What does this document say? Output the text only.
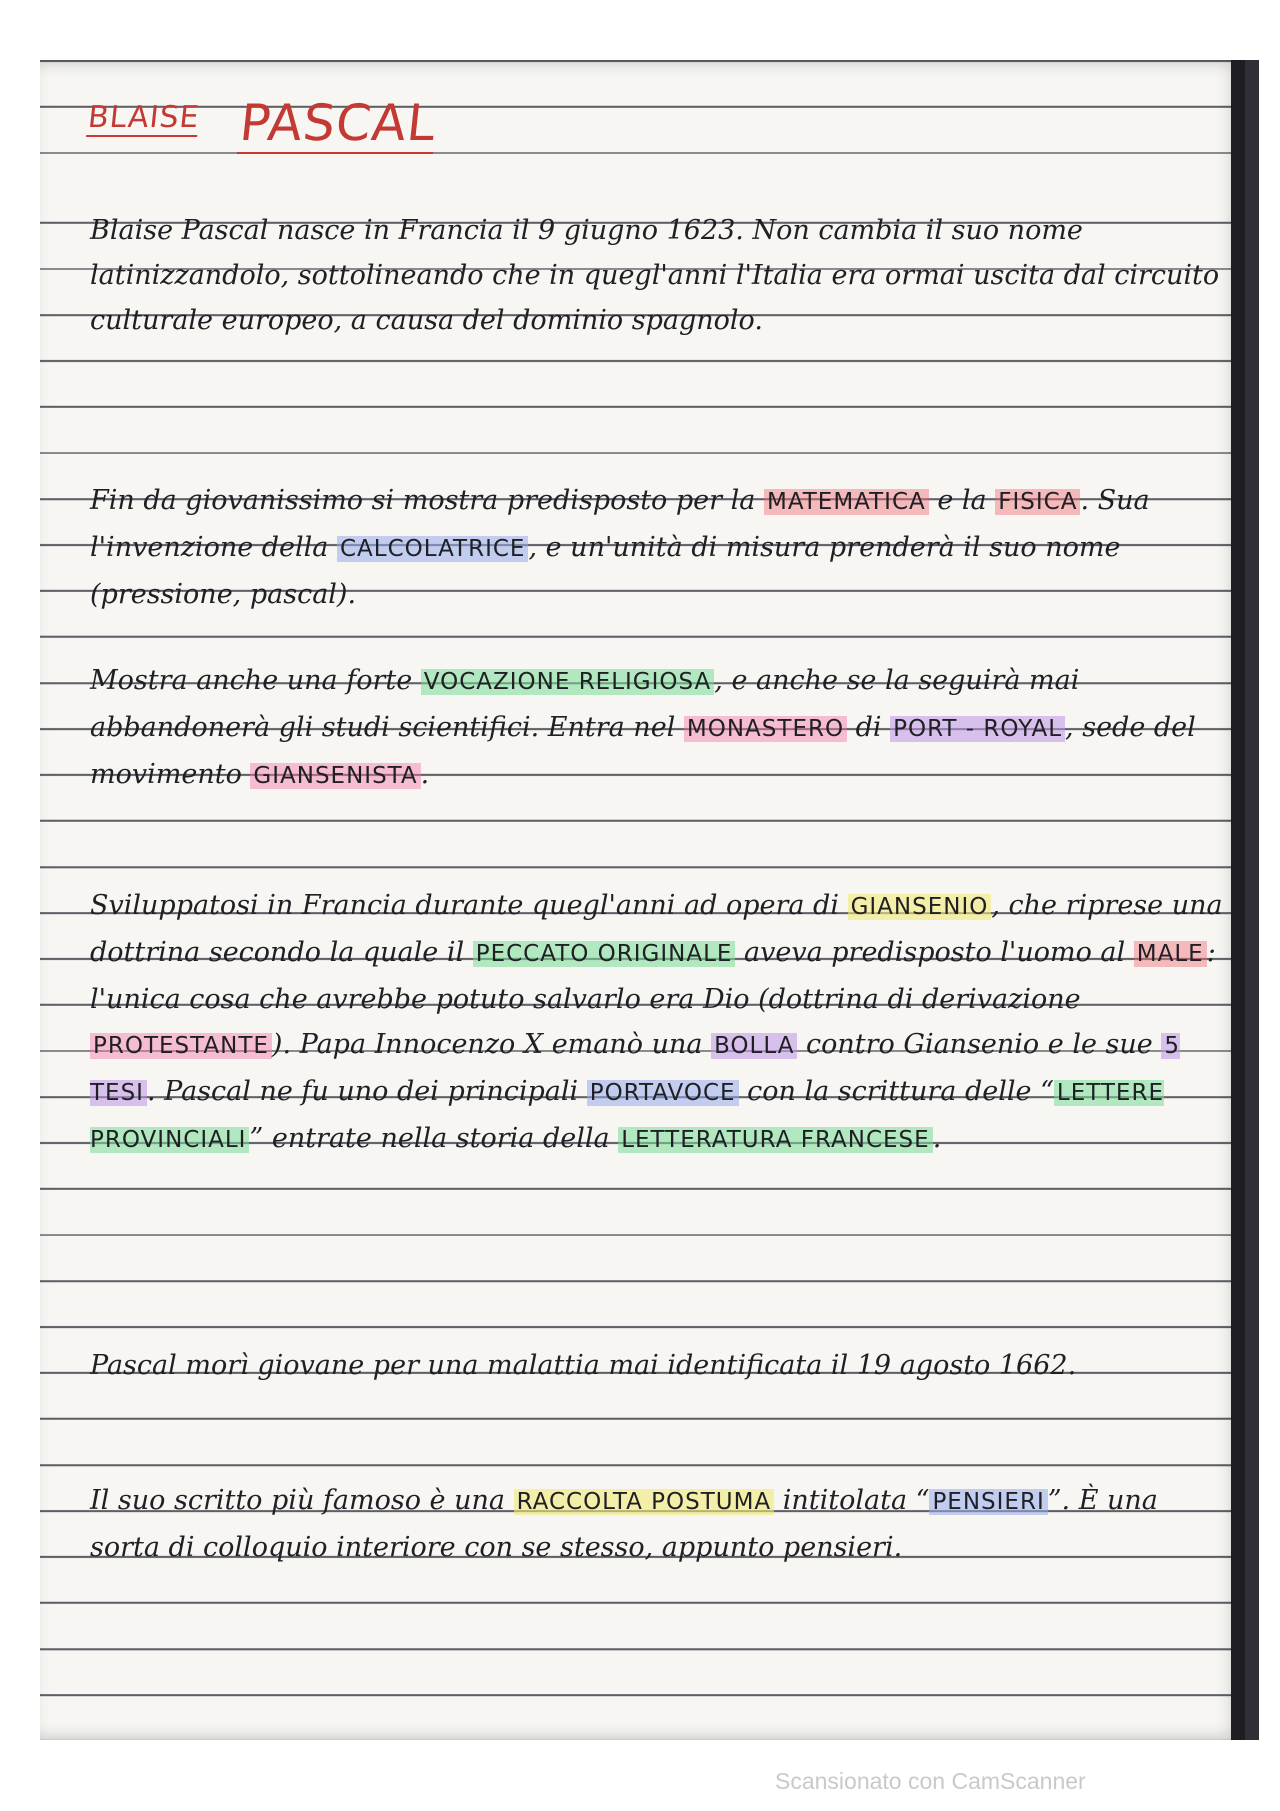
BLAISE PASCAL
Blaise Pascal nasce in Francia il 9 giugno 1623. Non cambia il suo nome latinizzandolo, sottolineando che in quegl'anni l'Italia era ormai uscita dal circuito culturale europeo, a causa del dominio spagnolo.
Fin da giovanissimo si mostra predisposto per la MATEMATICA e la FISICA . Sua l'invenzione della CALCOLATRICE , e un'unità di misura prenderà il suo nome (pressione, pascal).
Mostra anche una forte VOCAZIONE RELIGIOSA , e anche se la seguirà mai abbandonerà gli studi scientifici. Entra nel MONASTERO di PORT - ROYAL , sede del movimento GIANSENISTA .
Sviluppatosi in Francia durante quegl'anni ad opera di GIANSENIO , che riprese una dottrina secondo la quale il PECCATO ORIGINALE aveva predisposto l'uomo al MALE : l'unica cosa che avrebbe potuto salvarlo era Dio (dottrina di derivazione PROTESTANTE ). Papa Innocenzo X emanò una BOLLA contro Giansenio e le sue 5 TESI . Pascal ne fu uno dei principali PORTAVOCE con la scrittura delle “ LETTERE PROVINCIALI ” entrate nella storia della LETTERATURA FRANCESE .
Pascal morì giovane per una malattia mai identificata il 19 agosto 1662.
Il suo scritto più famoso è una RACCOLTA POSTUMA intitolata “ PENSIERI ”. È una sorta di colloquio interiore con se stesso, appunto pensieri.
Scansionato con CamScanner
